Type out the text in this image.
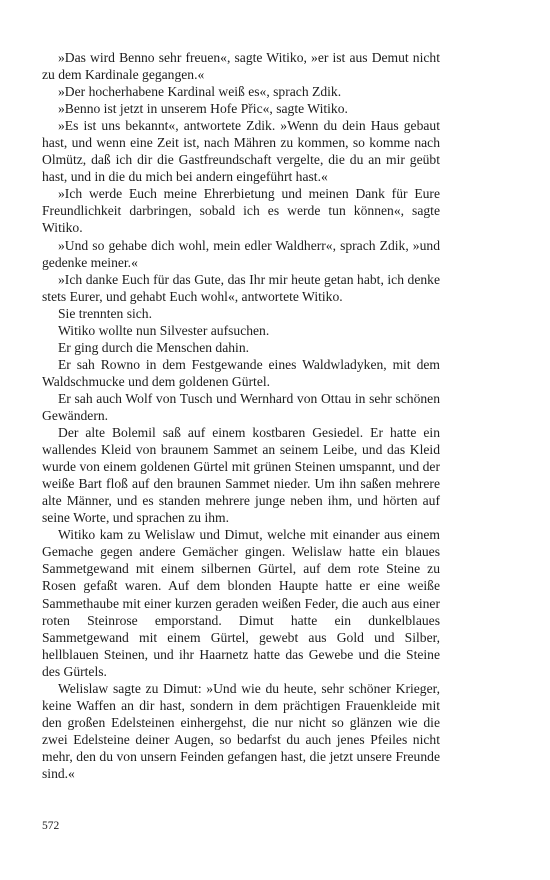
»Das wird Benno sehr freuen«, sagte Witiko, »er ist aus Demut nicht zu dem Kardinale gegangen.«

»Der hocherhabene Kardinal weiß es«, sprach Zdik.

»Benno ist jetzt in unserem Hofe Přic«, sagte Witiko.

»Es ist uns bekannt«, antwortete Zdik. »Wenn du dein Haus gebaut hast, und wenn eine Zeit ist, nach Mähren zu kommen, so komme nach Olmütz, daß ich dir die Gastfreundschaft vergelte, die du an mir geübt hast, und in die du mich bei andern eingeführt hast.«

»Ich werde Euch meine Ehrerbietung und meinen Dank für Eure Freundlichkeit darbringen, sobald ich es werde tun können«, sagte Witiko.

»Und so gehabe dich wohl, mein edler Waldherr«, sprach Zdik, »und gedenke meiner.«

»Ich danke Euch für das Gute, das Ihr mir heute getan habt, ich denke stets Eurer, und gehabt Euch wohl«, antwortete Witiko.

Sie trennten sich.

Witiko wollte nun Silvester aufsuchen.

Er ging durch die Menschen dahin.

Er sah Rowno in dem Festgewande eines Waldwladyken, mit dem Waldschmucke und dem goldenen Gürtel.

Er sah auch Wolf von Tusch und Wernhard von Ottau in sehr schönen Gewändern.

Der alte Bolemil saß auf einem kostbaren Gesiedel. Er hatte ein wallendes Kleid von braunem Sammet an seinem Leibe, und das Kleid wurde von einem goldenen Gürtel mit grünen Steinen umspannt, und der weiße Bart floß auf den braunen Sammet nieder. Um ihn saßen mehrere alte Männer, und es standen mehrere junge neben ihm, und hörten auf seine Worte, und sprachen zu ihm.

Witiko kam zu Welislaw und Dimut, welche mit einander aus einem Gemache gegen andere Gemächer gingen. Welislaw hatte ein blaues Sammetgewand mit einem silbernen Gürtel, auf dem rote Steine zu Rosen gefaßt waren. Auf dem blonden Haupte hatte er eine weiße Sammethaube mit einer kurzen geraden weißen Feder, die auch aus einer roten Steinrose emporstand. Dimut hatte ein dunkelblaues Sammetgewand mit einem Gürtel, gewebt aus Gold und Silber, hellblauen Steinen, und ihr Haarnetz hatte das Gewebe und die Steine des Gürtels.

Welislaw sagte zu Dimut: »Und wie du heute, sehr schöner Krieger, keine Waffen an dir hast, sondern in dem prächtigen Frauenkleide mit den großen Edelsteinen einhergehst, die nur nicht so glänzen wie die zwei Edelsteine deiner Augen, so bedarfst du auch jenes Pfeiles nicht mehr, den du von unsern Feinden gefangen hast, die jetzt unsere Freunde sind.«

572
